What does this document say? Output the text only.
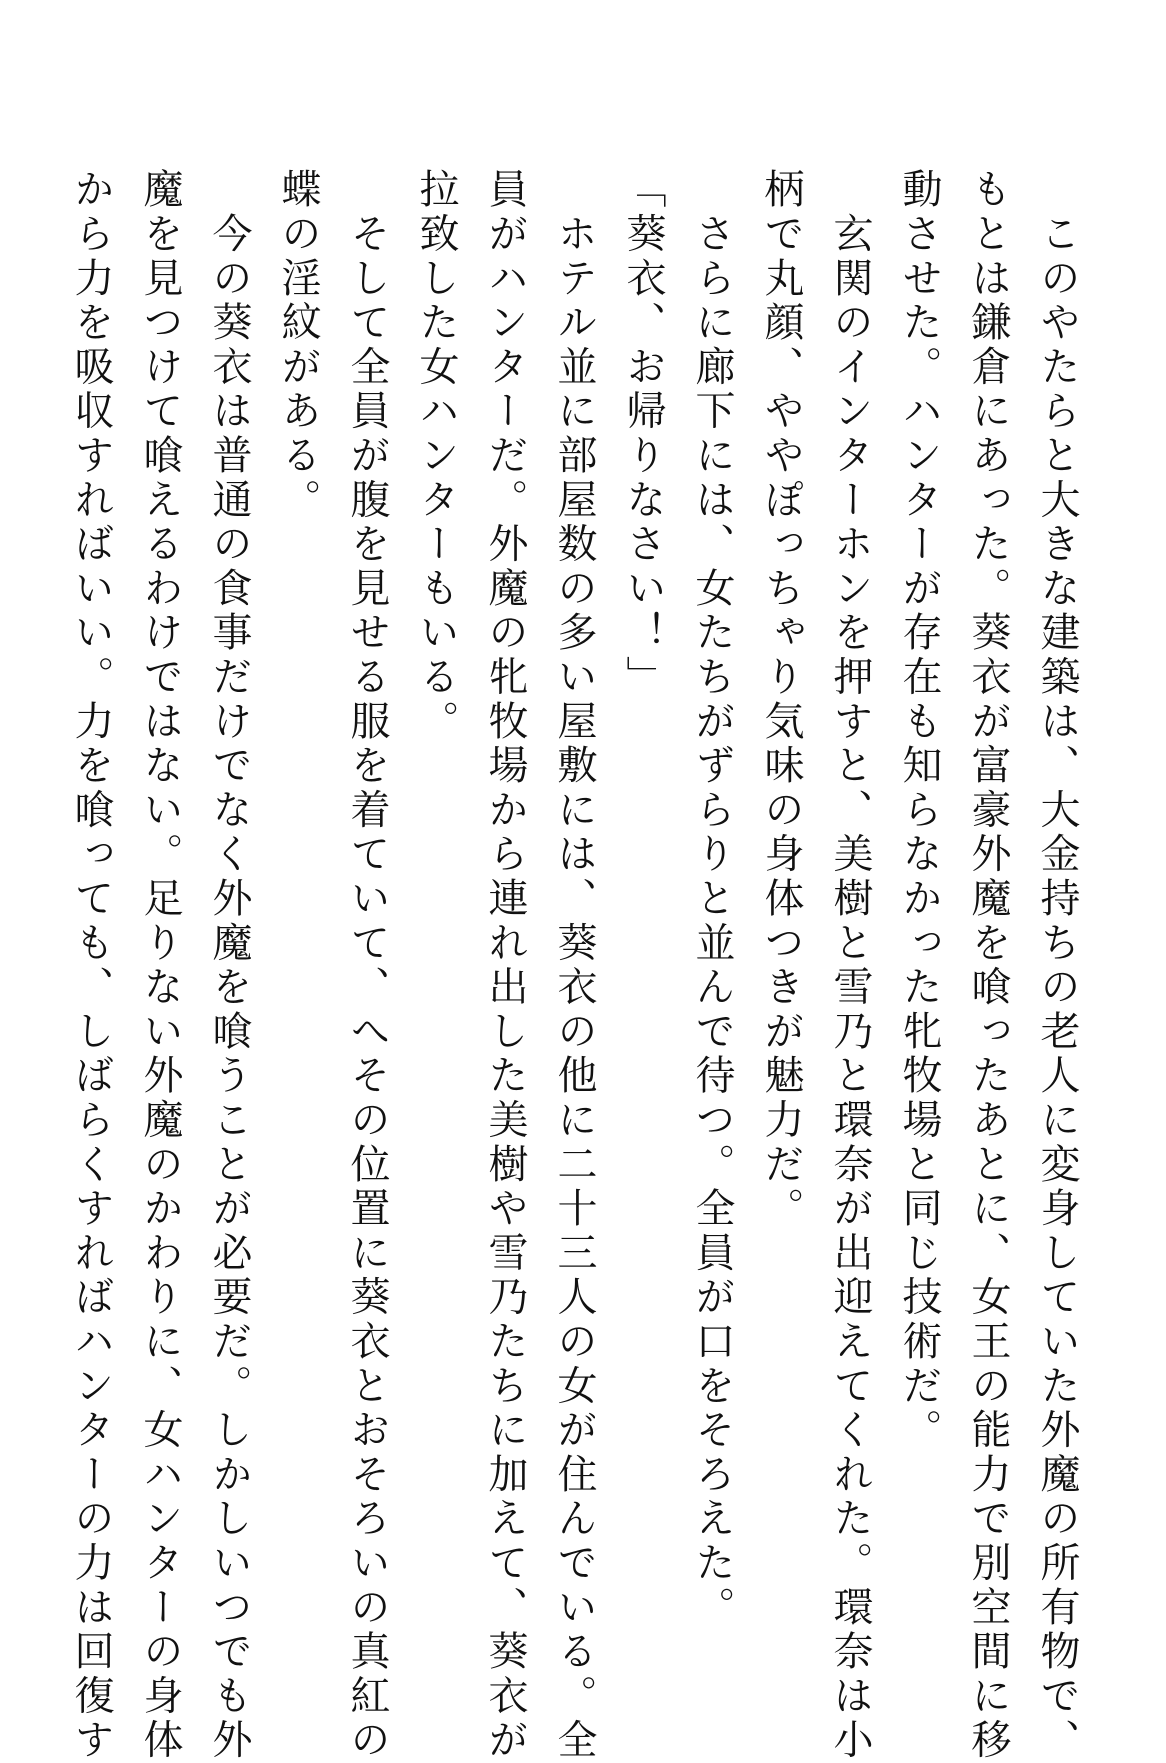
　このやたらと大きな建築は、大金持ちの老人に変身していた外魔の所有物で、
もとは鎌倉にあった。葵衣が富豪外魔を喰ったあとに、女王の能力で別空間に移
動させた。ハンターが存在も知らなかった牝牧場と同じ技術だ。
　玄関のインターホンを押すと、美樹と雪乃と環奈が出迎えてくれた。環奈は小
柄で丸顔、ややぽっちゃり気味の身体つきが魅力だ。
　さらに廊下には、女たちがずらりと並んで待つ。全員が口をそろえた。
「葵衣、お帰りなさい！」
　ホテル並に部屋数の多い屋敷には、葵衣の他に二十三人の女が住んでいる。全
員がハンターだ。外魔の牝牧場から連れ出した美樹や雪乃たちに加えて、葵衣が
拉致した女ハンターもいる。
　そして全員が腹を見せる服を着ていて、へその位置に葵衣とおそろいの真紅の
蝶の淫紋がある。
　今の葵衣は普通の食事だけでなく外魔を喰うことが必要だ。しかしいつでも外
魔を見つけて喰えるわけではない。足りない外魔のかわりに、女ハンターの身体
から力を吸収すればいい。力を喰っても、しばらくすればハンターの力は回復す
